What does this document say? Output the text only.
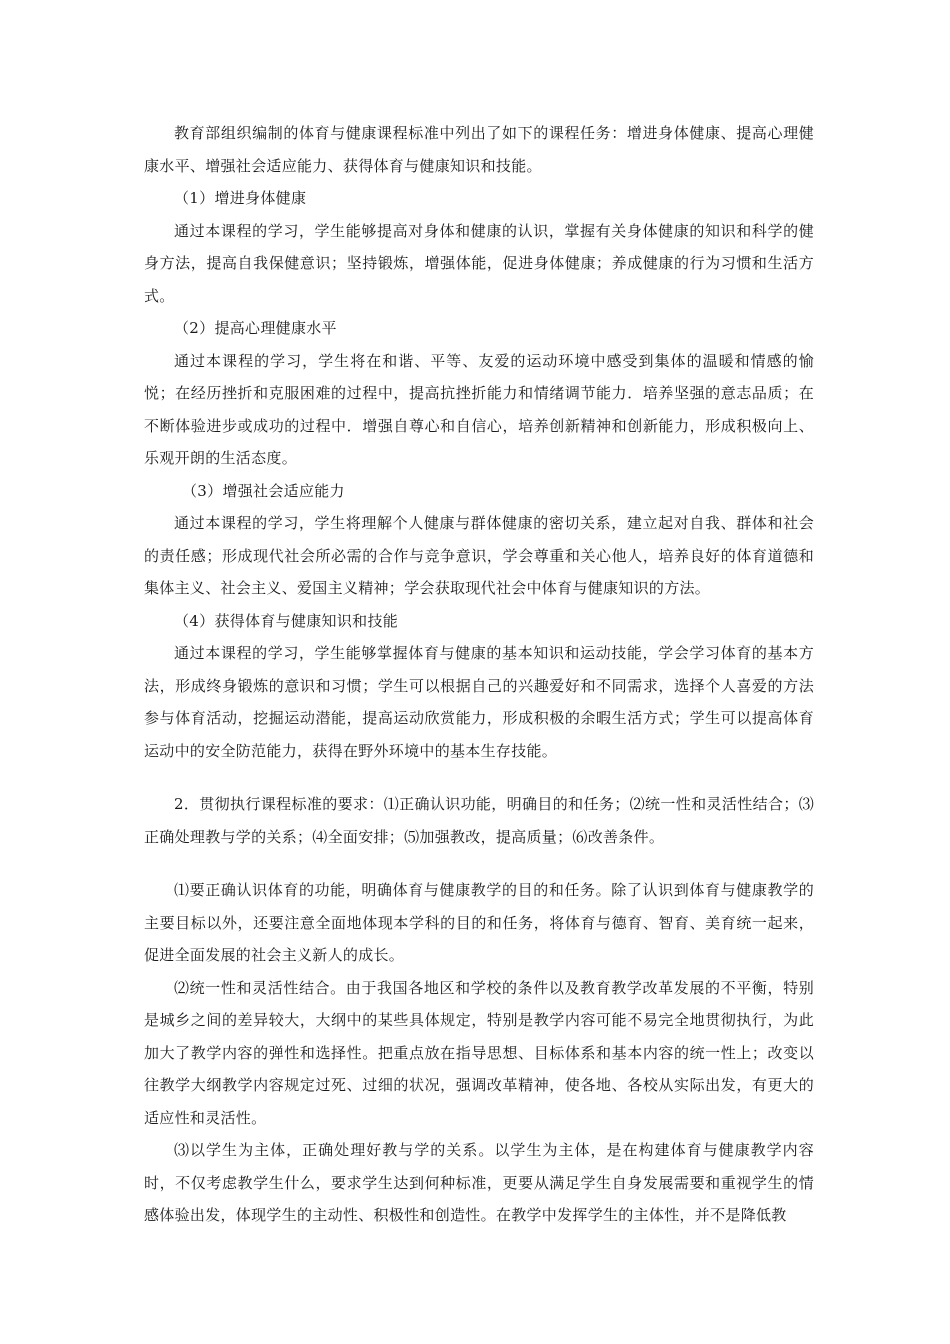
教育部组织编制的体育与健康课程标准中列出了如下的课程任务：增进身体健康、提高心理健康水平、增强社会适应能力、获得体育与健康知识和技能。

（1）增进身体健康

通过本课程的学习，学生能够提高对身体和健康的认识，掌握有关身体健康的知识和科学的健身方法，提高自我保健意识；坚持锻炼，增强体能，促进身体健康；养成健康的行为习惯和生活方式。

（2）提高心理健康水平

通过本课程的学习，学生将在和谐、平等、友爱的运动环境中感受到集体的温暖和情感的愉悦；在经历挫折和克服困难的过程中，提高抗挫折能力和情绪调节能力．培养坚强的意志品质；在不断体验进步或成功的过程中．增强自尊心和自信心，培养创新精神和创新能力，形成积极向上、乐观开朗的生活态度。

（3）增强社会适应能力

通过本课程的学习，学生将理解个人健康与群体健康的密切关系，建立起对自我、群体和社会的责任感；形成现代社会所必需的合作与竞争意识，学会尊重和关心他人，培养良好的体育道德和集体主义、社会主义、爱国主义精神；学会获取现代社会中体育与健康知识的方法。

（4）获得体育与健康知识和技能

通过本课程的学习，学生能够掌握体育与健康的基本知识和运动技能，学会学习体育的基本方法，形成终身锻炼的意识和习惯；学生可以根据自己的兴趣爱好和不同需求，选择个人喜爱的方法参与体育活动，挖掘运动潜能，提高运动欣赏能力，形成积极的余暇生活方式；学生可以提高体育运动中的安全防范能力，获得在野外环境中的基本生存技能。

2．贯彻执行课程标准的要求：⑴正确认识功能，明确目的和任务；⑵统一性和灵活性结合；⑶正确处理教与学的关系；⑷全面安排；⑸加强教改，提高质量；⑹改善条件。

⑴要正确认识体育的功能，明确体育与健康教学的目的和任务。除了认识到体育与健康教学的主要目标以外，还要注意全面地体现本学科的目的和任务，将体育与德育、智育、美育统一起来，促进全面发展的社会主义新人的成长。

⑵统一性和灵活性结合。由于我国各地区和学校的条件以及教育教学改革发展的不平衡，特别是城乡之间的差异较大，大纲中的某些具体规定，特别是教学内容可能不易完全地贯彻执行，为此加大了教学内容的弹性和选择性。把重点放在指导思想、目标体系和基本内容的统一性上；改变以往教学大纲教学内容规定过死、过细的状况，强调改革精神，使各地、各校从实际出发，有更大的适应性和灵活性。

⑶以学生为主体，正确处理好教与学的关系。以学生为主体，是在构建体育与健康教学内容时，不仅考虑教学生什么，要求学生达到何种标准，更要从满足学生自身发展需要和重视学生的情感体验出发，体现学生的主动性、积极性和创造性。在教学中发挥学生的主体性，并不是降低教
